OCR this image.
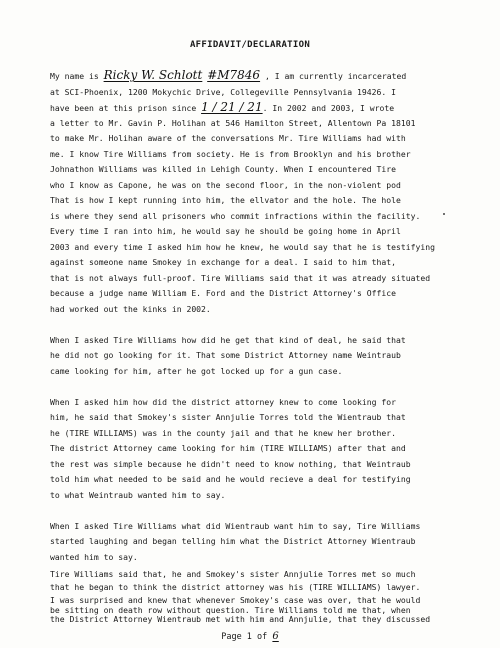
AFFIDAVIT/DECLARATION
My name is Ricky W. Schlott #M7846 , I am currently incarcerated
at SCI-Phoenix, 1200 Mokychic Drive, Collegeville Pennsylvania 19426. I
have been at this prison since 1 / 21 / 21. In 2002 and 2003, I wrote
a letter to Mr. Gavin P. Holihan at 546 Hamilton Street, Allentown Pa 18101
to make Mr. Holihan aware of the conversations Mr. Tire Williams had with
me. I know Tire Williams from society. He is from Brooklyn and his brother
Johnathon Williams was killed in Lehigh County. When I encountered Tire
who I know as Capone, he was on the second floor, in the non-violent pod
That is how I kept running into him, the ellvator and the hole. The hole
is where they send all prisoners who commit infractions within the facility.
Every time I ran into him, he would say he should be going home in April
2003 and every time I asked him how he knew, he would say that he is testifying
against someone name Smokey in exchange for a deal. I said to him that,
that is not always full-proof. Tire Williams said that it was atready situated
because a judge name William E. Ford and the District Attorney's Office
had worked out the kinks in 2002.
When I asked Tire Williams how did he get that kind of deal, he said that
he did not go looking for it. That some District Attorney name Weintraub
came looking for him, after he got locked up for a gun case.
When I asked him how did the district attorney knew to come looking for
him, he said that Smokey's sister Annjulie Torres told the Wientraub that
he (TIRE WILLIAMS) was in the county jail and that he knew her brother.
The district Attorney came looking for him (TIRE WILLIAMS) after that and
the rest was simple because he didn't need to know nothing, that Weintraub
told him what needed to be said and he would recieve a deal for testifying
to what Weintraub wanted him to say.
When I asked Tire Williams what did Wientraub want him to say, Tire Williams
started laughing and began telling him what the District Attorney Wientraub
wanted him to say.
Tire Williams said that, he and Smokey's sister Annjulie Torres met so much
that he began to think the district attorney was his (TIRE WILLIAMS) lawyer.
I was surprised and knew that whenever Smokey's case was over, that he would
be sitting on death row without question. Tire Williams told me that, when
the District Attorney Wientraub met with him and Annjulie, that they discussed
Page 1 of 6
